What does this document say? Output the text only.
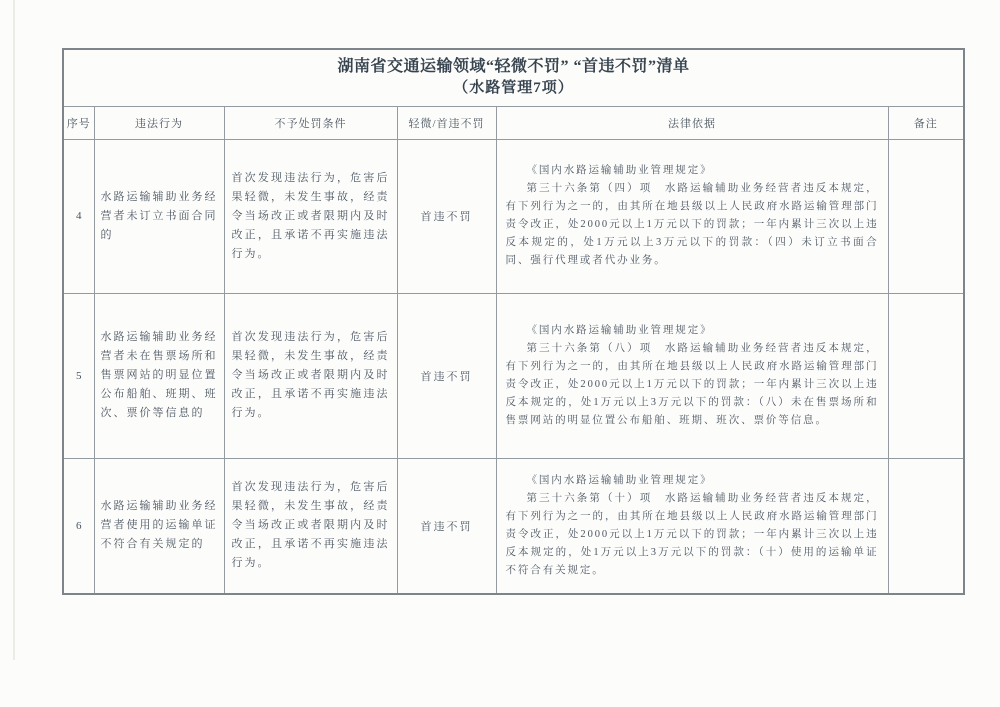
湖南省交通运输领域“轻微不罚” “首违不罚”清单
（水路管理7项）					

序号	违法行为	不予处罚条件	轻微/首违不罚	法律依据	备注
4	水路运输辅助业务经营者未订立书面合同的	首次发现违法行为，危害后果轻微，未发生事故，经责令当场改正或者限期内及时改正，且承诺不再实施违法行为。	首违不罚	《国内水路运输辅助业管理规定》

第三十六条第（四）项　水路运输辅助业务经营者违反本规定，有下列行为之一的，由其所在地县级以上人民政府水路运输管理部门责令改正，处2000元以上1万元以下的罚款；一年内累计三次以上违反本规定的，处1万元以上3万元以下的罚款：（四）未订立书面合同、强行代理或者代办业务。	

5	水路运输辅助业务经营者未在售票场所和售票网站的明显位置公布船舶、班期、班次、票价等信息的	首次发现违法行为，危害后果轻微，未发生事故，经责令当场改正或者限期内及时改正，且承诺不再实施违法行为。	首违不罚	《国内水路运输辅助业管理规定》

第三十六条第（八）项　水路运输辅助业务经营者违反本规定，有下列行为之一的，由其所在地县级以上人民政府水路运输管理部门责令改正，处2000元以上1万元以下的罚款；一年内累计三次以上违反本规定的，处1万元以上3万元以下的罚款：（八）未在售票场所和售票网站的明显位置公布船舶、班期、班次、票价等信息。	

6	水路运输辅助业务经营者使用的运输单证不符合有关规定的	首次发现违法行为，危害后果轻微，未发生事故，经责令当场改正或者限期内及时改正，且承诺不再实施违法行为。	首违不罚	《国内水路运输辅助业管理规定》

第三十六条第（十）项　水路运输辅助业务经营者违反本规定，有下列行为之一的，由其所在地县级以上人民政府水路运输管理部门责令改正，处2000元以上1万元以下的罚款；一年内累计三次以上违反本规定的，处1万元以上3万元以下的罚款：（十）使用的运输单证不符合有关规定。	
